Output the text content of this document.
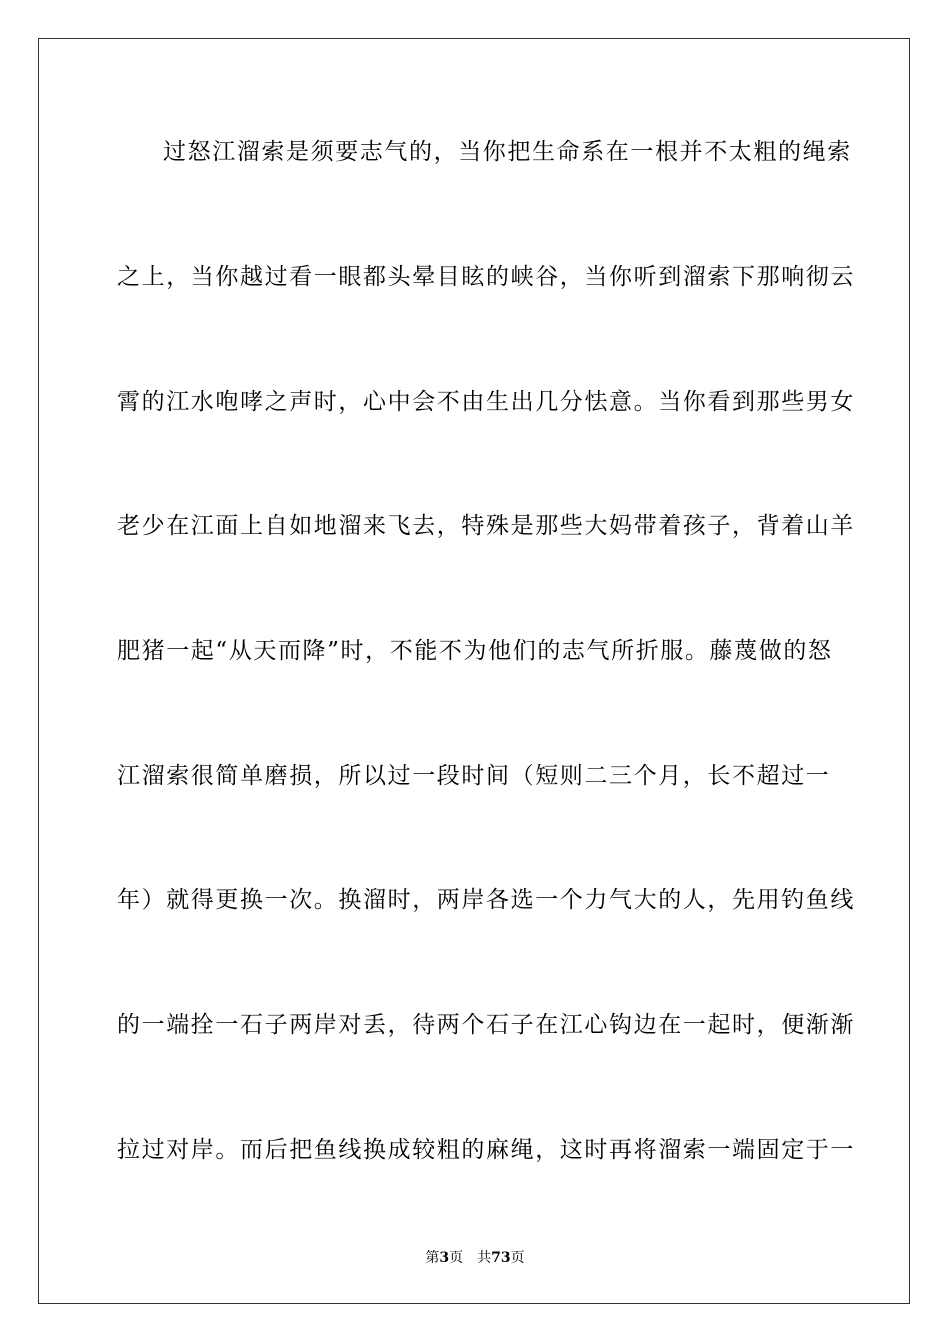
过怒江溜索是须要志气的，当你把生命系在一根并不太粗的绳索
之上，当你越过看一眼都头晕目眩的峡谷，当你听到溜索下那响彻云
霄的江水咆哮之声时，心中会不由生出几分怯意。当你看到那些男女
老少在江面上自如地溜来飞去，特殊是那些大妈带着孩子，背着山羊
肥猪一起“从天而降”时，不能不为他们的志气所折服。藤蔑做的怒
江溜索很简单磨损，所以过一段时间（短则二三个月，长不超过一
年）就得更换一次。换溜时，两岸各选一个力气大的人，先用钓鱼线
的一端拴一石子两岸对丢，待两个石子在江心钩边在一起时，便渐渐
拉过对岸。而后把鱼线换成较粗的麻绳，这时再将溜索一端固定于一
第3页 共73页
